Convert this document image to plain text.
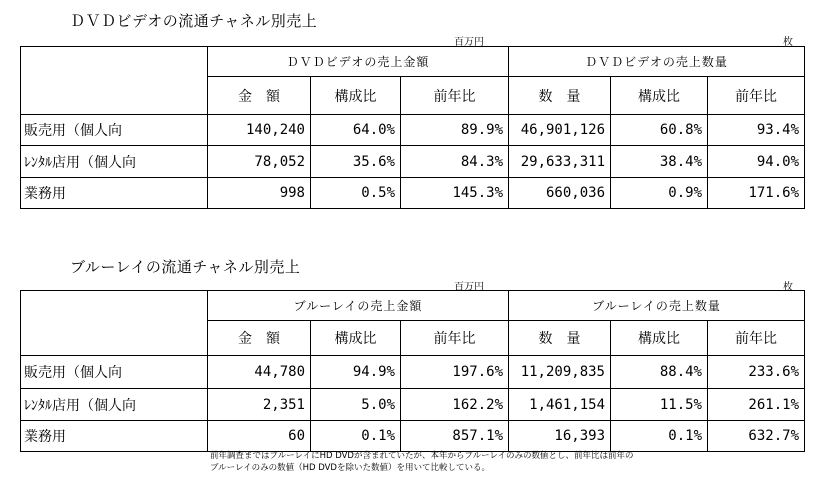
ＤＶＤビデオの流通チャネル別売上
百万円	枚
	ＤＶＤビデオの売上金額			ＤＶＤビデオの売上数量		
	金　額	構成比	前年比	数　量	構成比	前年比
販売用（個人向	140,240	64.0%	89.9%	46,901,126	60.8%	93.4%
ﾚﾝﾀﾙ店用（個人向	78,052	35.6%	84.3%	29,633,311	38.4%	94.0%
業務用	998	0.5%	145.3%	660,036	0.9%	171.6%
ブルーレイの流通チャネル別売上
百万円	枚
	ブルーレイの売上金額			ブルーレイの売上数量		
	金　額	構成比	前年比	数　量	構成比	前年比
販売用（個人向	44,780	94.9%	197.6%	11,209,835	88.4%	233.6%
ﾚﾝﾀﾙ店用（個人向	2,351	5.0%	162.2%	1,461,154	11.5%	261.1%
業務用	60	0.1%	857.1%	16,393	0.1%	632.7%
前年調査まではブルーレイにHD DVDが含まれていたが、本年からブルーレイのみの数値とし、前年比は前年の
ブルーレイのみの数値（HD DVDを除いた数値）を用いて比較している。
